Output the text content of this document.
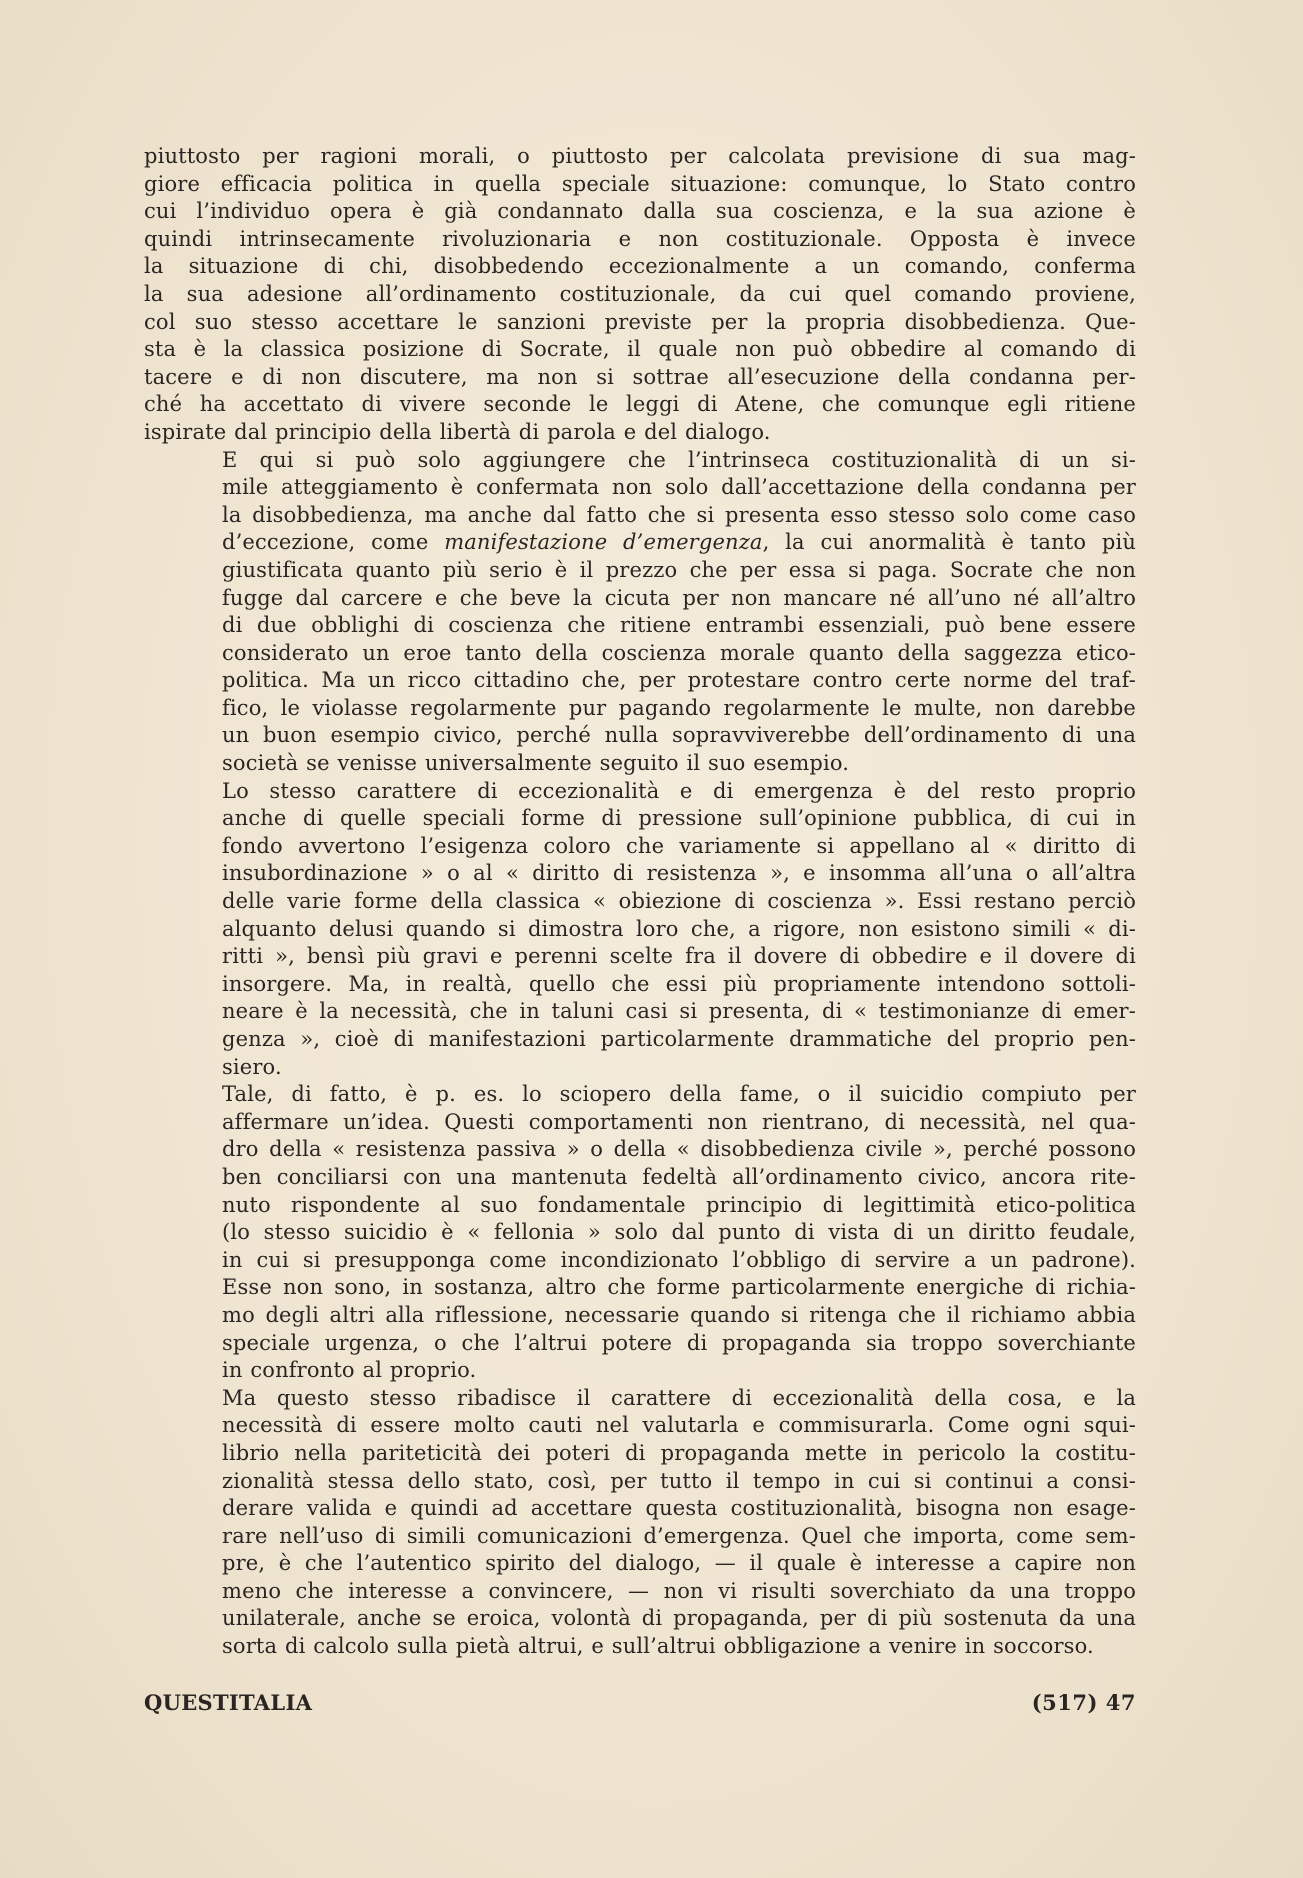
piuttosto per ragioni morali, o piuttosto per calcolata previsione di sua mag-
giore efficacia politica in quella speciale situazione: comunque, lo Stato contro
cui l’individuo opera è già condannato dalla sua coscienza, e la sua azione è
quindi intrinsecamente rivoluzionaria e non costituzionale. Opposta è invece
la situazione di chi, disobbedendo eccezionalmente a un comando, conferma
la sua adesione all’ordinamento costituzionale, da cui quel comando proviene,
col suo stesso accettare le sanzioni previste per la propria disobbedienza. Que-
sta è la classica posizione di Socrate, il quale non può obbedire al comando di
tacere e di non discutere, ma non si sottrae all’esecuzione della condanna per-
ché ha accettato di vivere seconde le leggi di Atene, che comunque egli ritiene
ispirate dal principio della libertà di parola e del dialogo.
E qui si può solo aggiungere che l’intrinseca costituzionalità di un si-
mile atteggiamento è confermata non solo dall’accettazione della condanna per
la disobbedienza, ma anche dal fatto che si presenta esso stesso solo come caso
d’eccezione, come manifestazione d’emergenza, la cui anormalità è tanto più
giustificata quanto più serio è il prezzo che per essa si paga. Socrate che non
fugge dal carcere e che beve la cicuta per non mancare né all’uno né all’altro
di due obblighi di coscienza che ritiene entrambi essenziali, può bene essere
considerato un eroe tanto della coscienza morale quanto della saggezza etico-
politica. Ma un ricco cittadino che, per protestare contro certe norme del traf-
fico, le violasse regolarmente pur pagando regolarmente le multe, non darebbe
un buon esempio civico, perché nulla sopravviverebbe dell’ordinamento di una
società se venisse universalmente seguito il suo esempio.
Lo stesso carattere di eccezionalità e di emergenza è del resto proprio
anche di quelle speciali forme di pressione sull’opinione pubblica, di cui in
fondo avvertono l’esigenza coloro che variamente si appellano al « diritto di
insubordinazione » o al « diritto di resistenza », e insomma all’una o all’altra
delle varie forme della classica « obiezione di coscienza ». Essi restano perciò
alquanto delusi quando si dimostra loro che, a rigore, non esistono simili « di-
ritti », bensì più gravi e perenni scelte fra il dovere di obbedire e il dovere di
insorgere. Ma, in realtà, quello che essi più propriamente intendono sottoli-
neare è la necessità, che in taluni casi si presenta, di « testimonianze di emer-
genza », cioè di manifestazioni particolarmente drammatiche del proprio pen-
siero.
Tale, di fatto, è p. es. lo sciopero della fame, o il suicidio compiuto per
affermare un’idea. Questi comportamenti non rientrano, di necessità, nel qua-
dro della « resistenza passiva » o della « disobbedienza civile », perché possono
ben conciliarsi con una mantenuta fedeltà all’ordinamento civico, ancora rite-
nuto rispondente al suo fondamentale principio di legittimità etico-politica
(lo stesso suicidio è « fellonia » solo dal punto di vista di un diritto feudale,
in cui si presupponga come incondizionato l’obbligo di servire a un padrone).
Esse non sono, in sostanza, altro che forme particolarmente energiche di richia-
mo degli altri alla riflessione, necessarie quando si ritenga che il richiamo abbia
speciale urgenza, o che l’altrui potere di propaganda sia troppo soverchiante
in confronto al proprio.
Ma questo stesso ribadisce il carattere di eccezionalità della cosa, e la
necessità di essere molto cauti nel valutarla e commisurarla. Come ogni squi-
librio nella pariteticità dei poteri di propaganda mette in pericolo la costitu-
zionalità stessa dello stato, così, per tutto il tempo in cui si continui a consi-
derare valida e quindi ad accettare questa costituzionalità, bisogna non esage-
rare nell’uso di simili comunicazioni d’emergenza. Quel che importa, come sem-
pre, è che l’autentico spirito del dialogo, — il quale è interesse a capire non
meno che interesse a convincere, — non vi risulti soverchiato da una troppo
unilaterale, anche se eroica, volontà di propaganda, per di più sostenuta da una
sorta di calcolo sulla pietà altrui, e sull’altrui obbligazione a venire in soccorso.
QUESTITALIA	(517) 47
